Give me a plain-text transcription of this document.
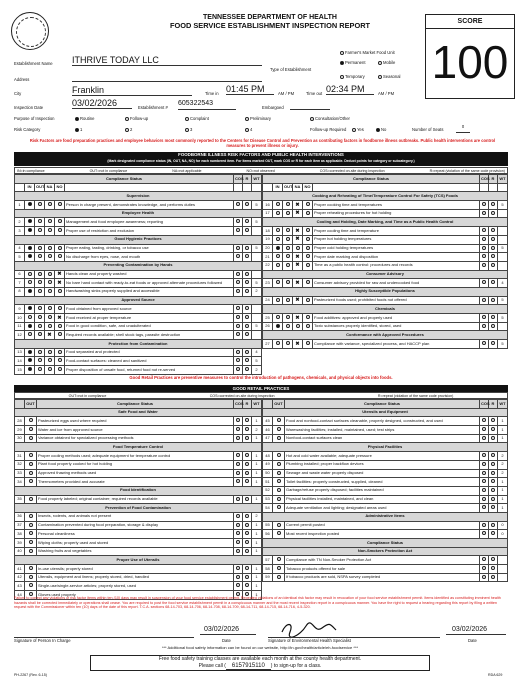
TENNESSEE DEPARTMENT OF HEALTH
FOOD SERVICE ESTABLISHMENT INSPECTION REPORT	SCORE
100
Establishment Name ITHRIVE TODAY LLC
Address
City	Franklin	Time in 01:45 PM	AM / PM	Time out 02:34 PM	AM / PM
Inspection Date	03/02/2026	Establishment #
605322543
Embargoed
Farmer's Market Food Unit
Type of Establishment
Permanent	Mobile
Temporary	Seasonal
Purpose of Inspection	Routine	Follow-up	Complaint	Preliminary	Consultation/Other
Risk Category	1	2	3	4	Follow-up Required	Yes	No	Number of Seats
0
Risk Factors are food preparation practices and employee behaviors most commonly reported to the Centers for Disease Control and Prevention as contributing factors in foodborne illness outbreaks. Public health interventions are control measures to prevent illness or injury.
FOODBORNE ILLNESS RISK FACTORS AND PUBLIC HEALTH INTERVENTIONS
(Mark designated compliance status (IN, OUT, NA, NO) for each numbered item. For items marked OUT, mark COS or R for each item as applicable. Deduct points for category or subcategory.)
IN=in compliance	OUT=not in compliance	NA=not applicable	NO=not observed	COS=corrected on-site during inspection	R=repeat (violation of the same code provision)
Compliance Status						COS	R	WT
	IN	OUT	NA	NO				
Supervision								
1					Person in charge present, demonstrates knowledge, and performs duties			5
Employee Health								
2					Management and food employee awareness; reporting			5
3					Proper use of restriction and exclusion			
Good Hygienic Practices								
4					Proper eating, tasting, drinking, or tobacco use			5
5					No discharge from eyes, nose, and mouth			
Preventing Contamination by Hands								
6				✖	Hands clean and properly washed			
7				✖	No bare hand contact with ready-to-eat foods or approved alternate procedures followed			5
8					Handwashing sinks properly supplied and accessible			2
Approved Source								
9					Food obtained from approved source			
10				✖	Food received at proper temperature			
11					Food in good condition, safe, and unadulterated			5
12			✖		Required records available; shell stock tags, parasite destruction			
Protection from Contamination								
13					Food separated and protected			4
14					Food-contact surfaces: cleaned and sanitized			5
15					Proper disposition of unsafe food, returned food not re-served			2
Compliance Status						COS	R	WT
	IN	OUT	NA	NO				
Cooking and Reheating of Time/Temperature Control For Safety (TCS) Foods								
16			✖		Proper cooking time and temperatures			5
17			✖		Proper reheating procedures for hot holding			
Cooling and Holding, Date Marking, and Time as a Public Health Control								
18			✖		Proper cooling time and temperature			
19			✖		Proper hot holding temperatures			
20					Proper cold holding temperatures			5
21			✖		Proper date marking and disposition			
22			✖		Time as a public health control: procedures and records			
Consumer Advisory								
23			✖		Consumer advisory provided for raw and undercooked food			4
Highly Susceptible Populations								
24			✖		Pasteurized foods used; prohibited foods not offered			5
Chemicals								
25			✖		Food additives: approved and properly used			5
26					Toxic substances properly identified, stored, used			
Conformance with Approved Procedures								
27			✖		Compliance with variance, specialized process, and HACCP plan			5
Good Retail Practices are preventive measures to control the introduction of pathogens, chemicals, and physical objects into foods.
GOOD RETAIL PRACTICES
OUT=not in compliance	COS=corrected on-site during inspection	R=repeat (violation of the same code provision)
	OUT	Compliance Status	COS	R	WT
Safe Food and Water					
28		Pasteurized eggs used where required			1
29		Water and ice from approved source			2
30		Variance obtained for specialized processing methods			1
Food Temperature Control					
31		Proper cooling methods used; adequate equipment for temperature control			1
32		Plant food properly cooked for hot holding			1
33		Approved thawing methods used			1
34		Thermometers provided and accurate			1
Food Identification					
35		Food properly labeled; original container; required records available			1
Prevention of Food Contamination					
36		Insects, rodents, and animals not present			2
37		Contamination prevented during food preparation, storage & display			1
38		Personal cleanliness			1
39		Wiping cloths; properly used and stored			1
40		Washing fruits and vegetables			1
Proper Use of Utensils					
41		In-use utensils; properly stored			1
42		Utensils, equipment and linens; properly stored, dried, handled			1
43		Single-use/single-service articles; properly stored, used			1
44		Gloves used properly			1
	OUT	Compliance Status	COS	R	WT
Utensils and Equipment					
45		Food and nonfood-contact surfaces cleanable, properly designed, constructed, and used			1
46		Warewashing facilities; installed, maintained, used; test strips			1
47		Nonfood-contact surfaces clean			1
Physical Facilities					
48		Hot and cold water available; adequate pressure			2
49		Plumbing installed; proper backflow devices			2
50		Sewage and waste water properly disposed			2
51		Toilet facilities: properly constructed, supplied, cleaned			1
52		Garbage/refuse properly disposed; facilities maintained			1
53		Physical facilities installed, maintained, and clean			1
54		Adequate ventilation and lighting; designated areas used			1
Administrative Items					
55		Current permit posted			0
56		Most recent inspection posted			0
Compliance Status					
Non-Smokers Protection Act					
57		Compliance with TN Non-Smoker Protection Act			
58		Tobacco products offered for sale			
59		If tobacco products are sold, NSPA survey completed			
Failure to correct any violations of risk factor items within ten (10) days may result in suspension of your food service establishment permit. Repeated violations of an identical risk factor may result in revocation of your food service establishment permit. Items identified as constituting imminent health hazards shall be corrected immediately or operations shall cease. You are required to post the food service establishment permit in a conspicuous manner and the most recent inspection report in a conspicuous manner. You have the right to request a hearing regarding this report by filing a written request with the Commissioner within ten (10) days of the date of this report. T.C.A. sections 68-14-703, 68-14-706, 68-14-708, 68-14-709, 68-14-711, 68-14-715, 68-14-716, 4-5-320.
03/02/2026
Signature of Person In Charge	Date
03/02/2026
Signature of Environmental Health Specialist	Date
*** Additional food safety information can be found on our website, http://tn.gov/health/article/eh-foodservice ***
Free food safety training classes are available each month at the county health department.
Please call ( 6157915110 ) to sign-up for a class.
PH-2267 (Rev. 6-15)	RDA 629
